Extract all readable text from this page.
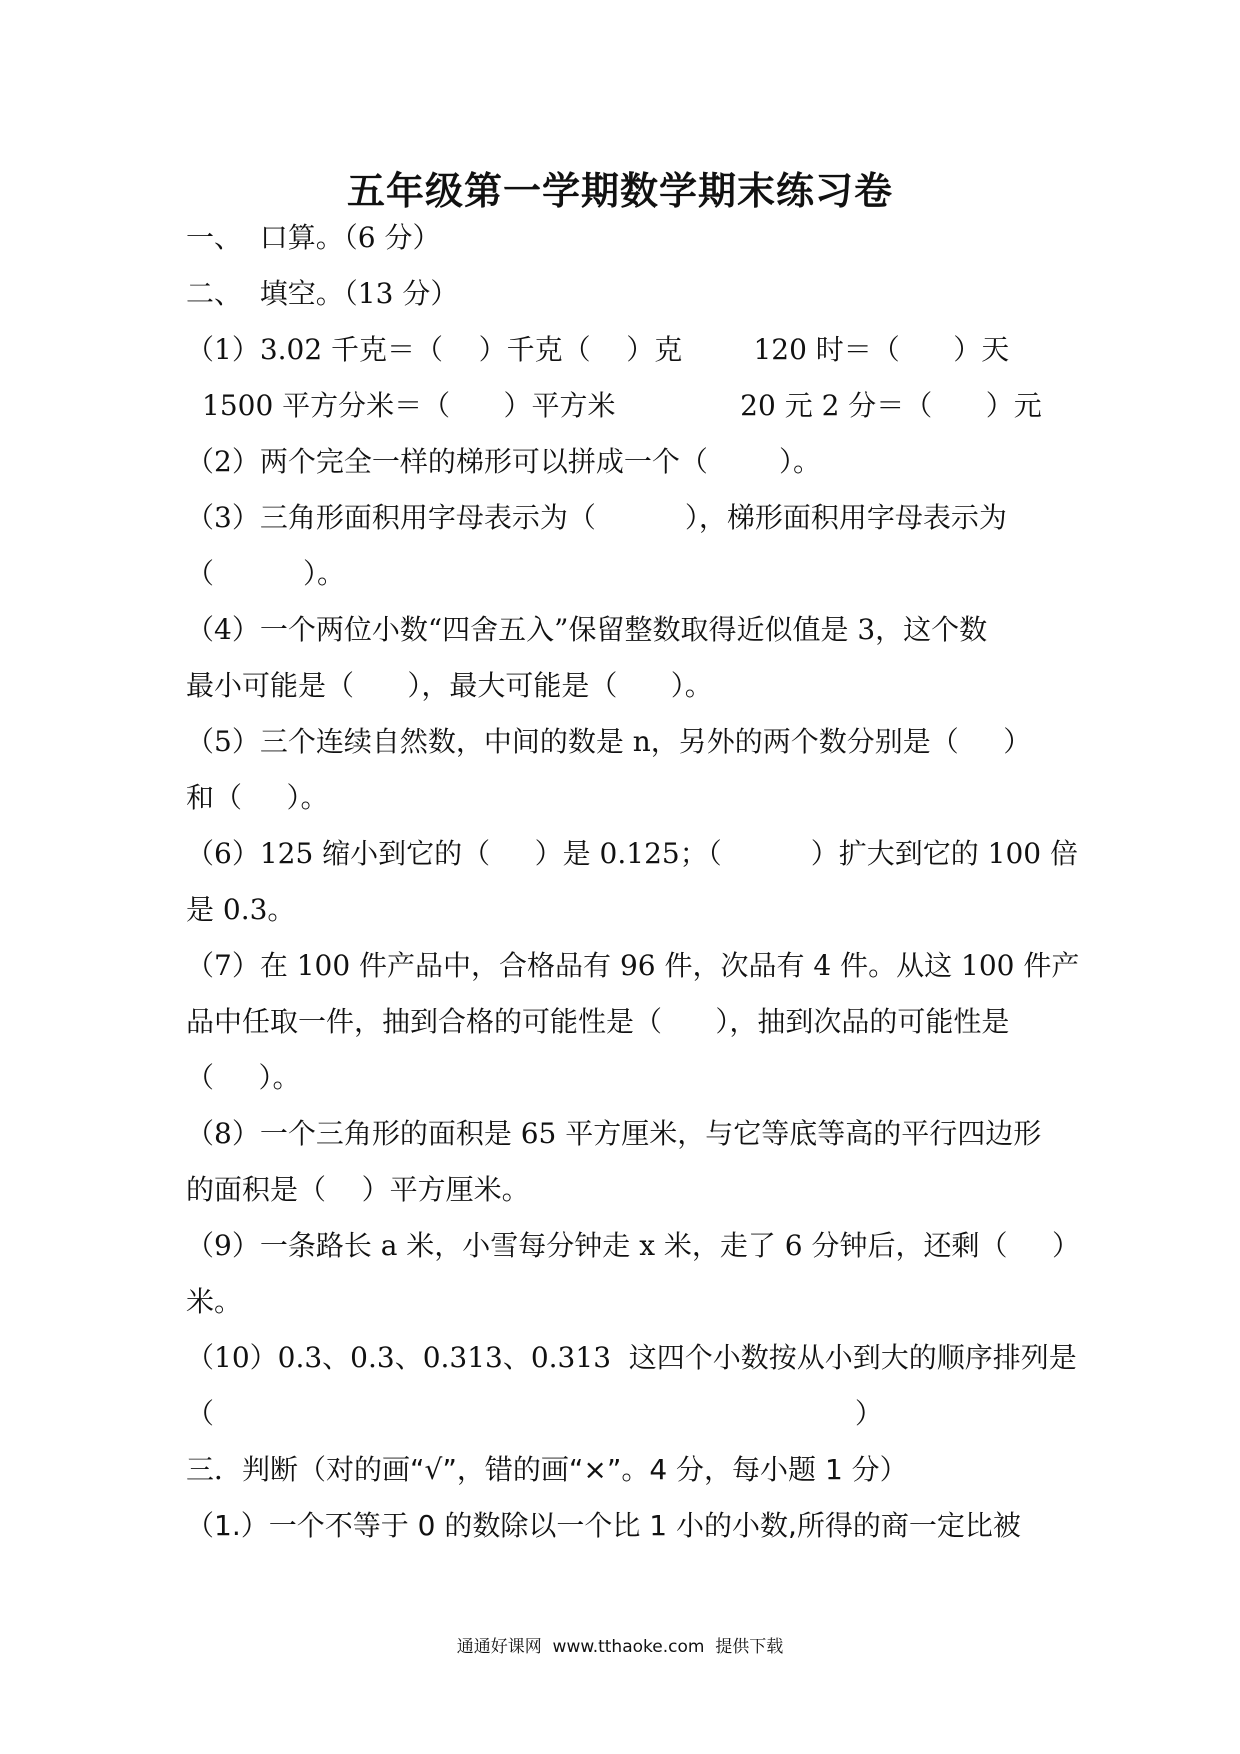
五年级第一学期数学期末练习卷
一、  口算。（6 分）
二、  填空。（13 分）
（1）3.02 千克＝（    ）千克（    ）克        120 时＝（      ）天
1500 平方分米＝（      ）平方米              20 元 2 分＝（      ）元
（2）两个完全一样的梯形可以拼成一个（        ）。
（3）三角形面积用字母表示为（          ），梯形面积用字母表示为
（          ）。
（4）一个两位小数“四舍五入”保留整数取得近似值是 3，这个数
最小可能是（      ），最大可能是（      ）。
（5）三个连续自然数，中间的数是 n，另外的两个数分别是（     ）
和（     ）。
（6）125 缩小到它的（     ）是 0.125；（          ）扩大到它的 100 倍
是 0.3。
（7）在 100 件产品中，合格品有 96 件，次品有 4 件。从这 100 件产
品中任取一件，抽到合格的可能性是（      ），抽到次品的可能性是
（     ）。
（8）一个三角形的面积是 65 平方厘米，与它等底等高的平行四边形
的面积是（    ）平方厘米。
（9）一条路长 a 米，小雪每分钟走 x 米，走了 6 分钟后，还剩（     ）
米。
（10）0.3、0.3、0.313、0.313  这四个小数按从小到大的顺序排列是
（                                                                        ）
三．判断（对的画“√”，错的画“×”。4 分，每小题 1 分）
（1.）一个不等于 0 的数除以一个比 1 小的小数,所得的商一定比被
通通好课网  www.tthaoke.com  提供下载
